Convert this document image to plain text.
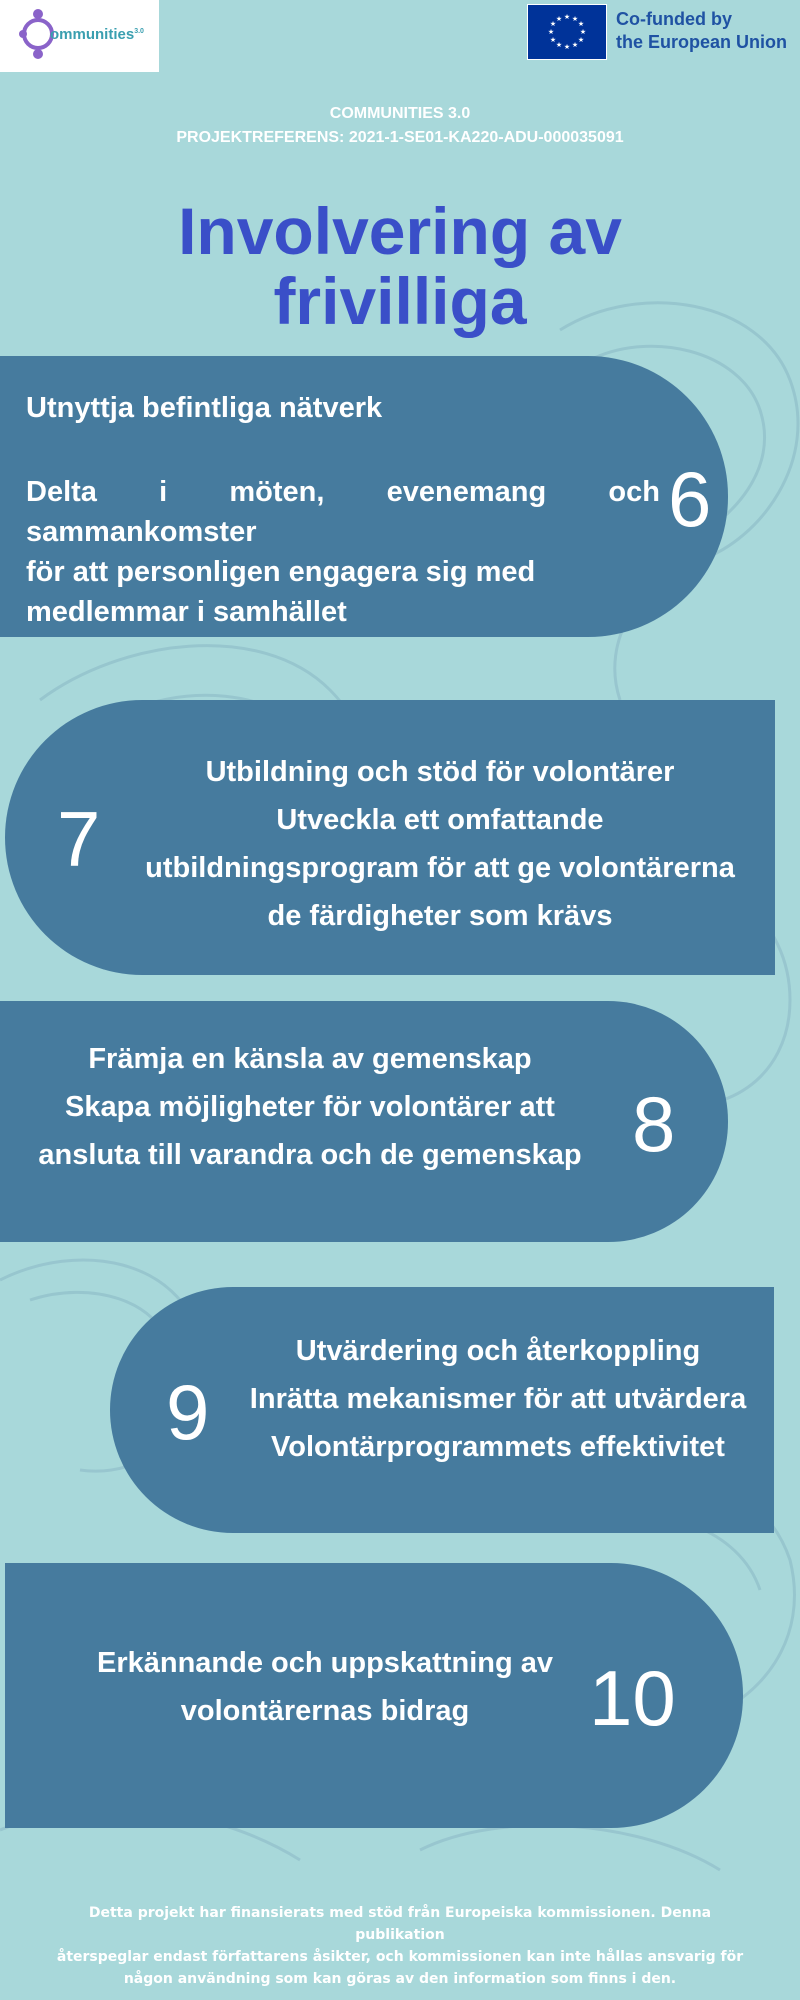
ommunities$^{3.0}$
★ ★
★
★
★
★
★
★
★
★
★
★	Co-funded by
the European Union
COMMUNITIES 3.0
PROJEKTREFERENS: 2021-1-SE01-KA220-ADU-000035091
Involvering av
frivilliga
Utnyttja befintliga nätverk
Delta i möten, evenemang och sammankomster
för att personligen engagera sig med
medlemmar i samhället
6
7
Utbildning och stöd för volontärer
Utveckla ett omfattande
utbildningsprogram för att ge volontärerna
de färdigheter som krävs
Främja en känsla av gemenskap
Skapa möjligheter för volontärer att
ansluta till varandra och de gemenskap 8
9
Utvärdering och återkoppling
Inrätta mekanismer för att utvärdera
Volontärprogrammets effektivitet
Erkännande och uppskattning av
volontärernas bidrag	10
Detta projekt har finansierats med stöd från Europeiska kommissionen. Denna publikation
återspeglar endast författarens åsikter, och kommissionen kan inte hållas ansvarig för
någon användning som kan göras av den information som finns i den.
